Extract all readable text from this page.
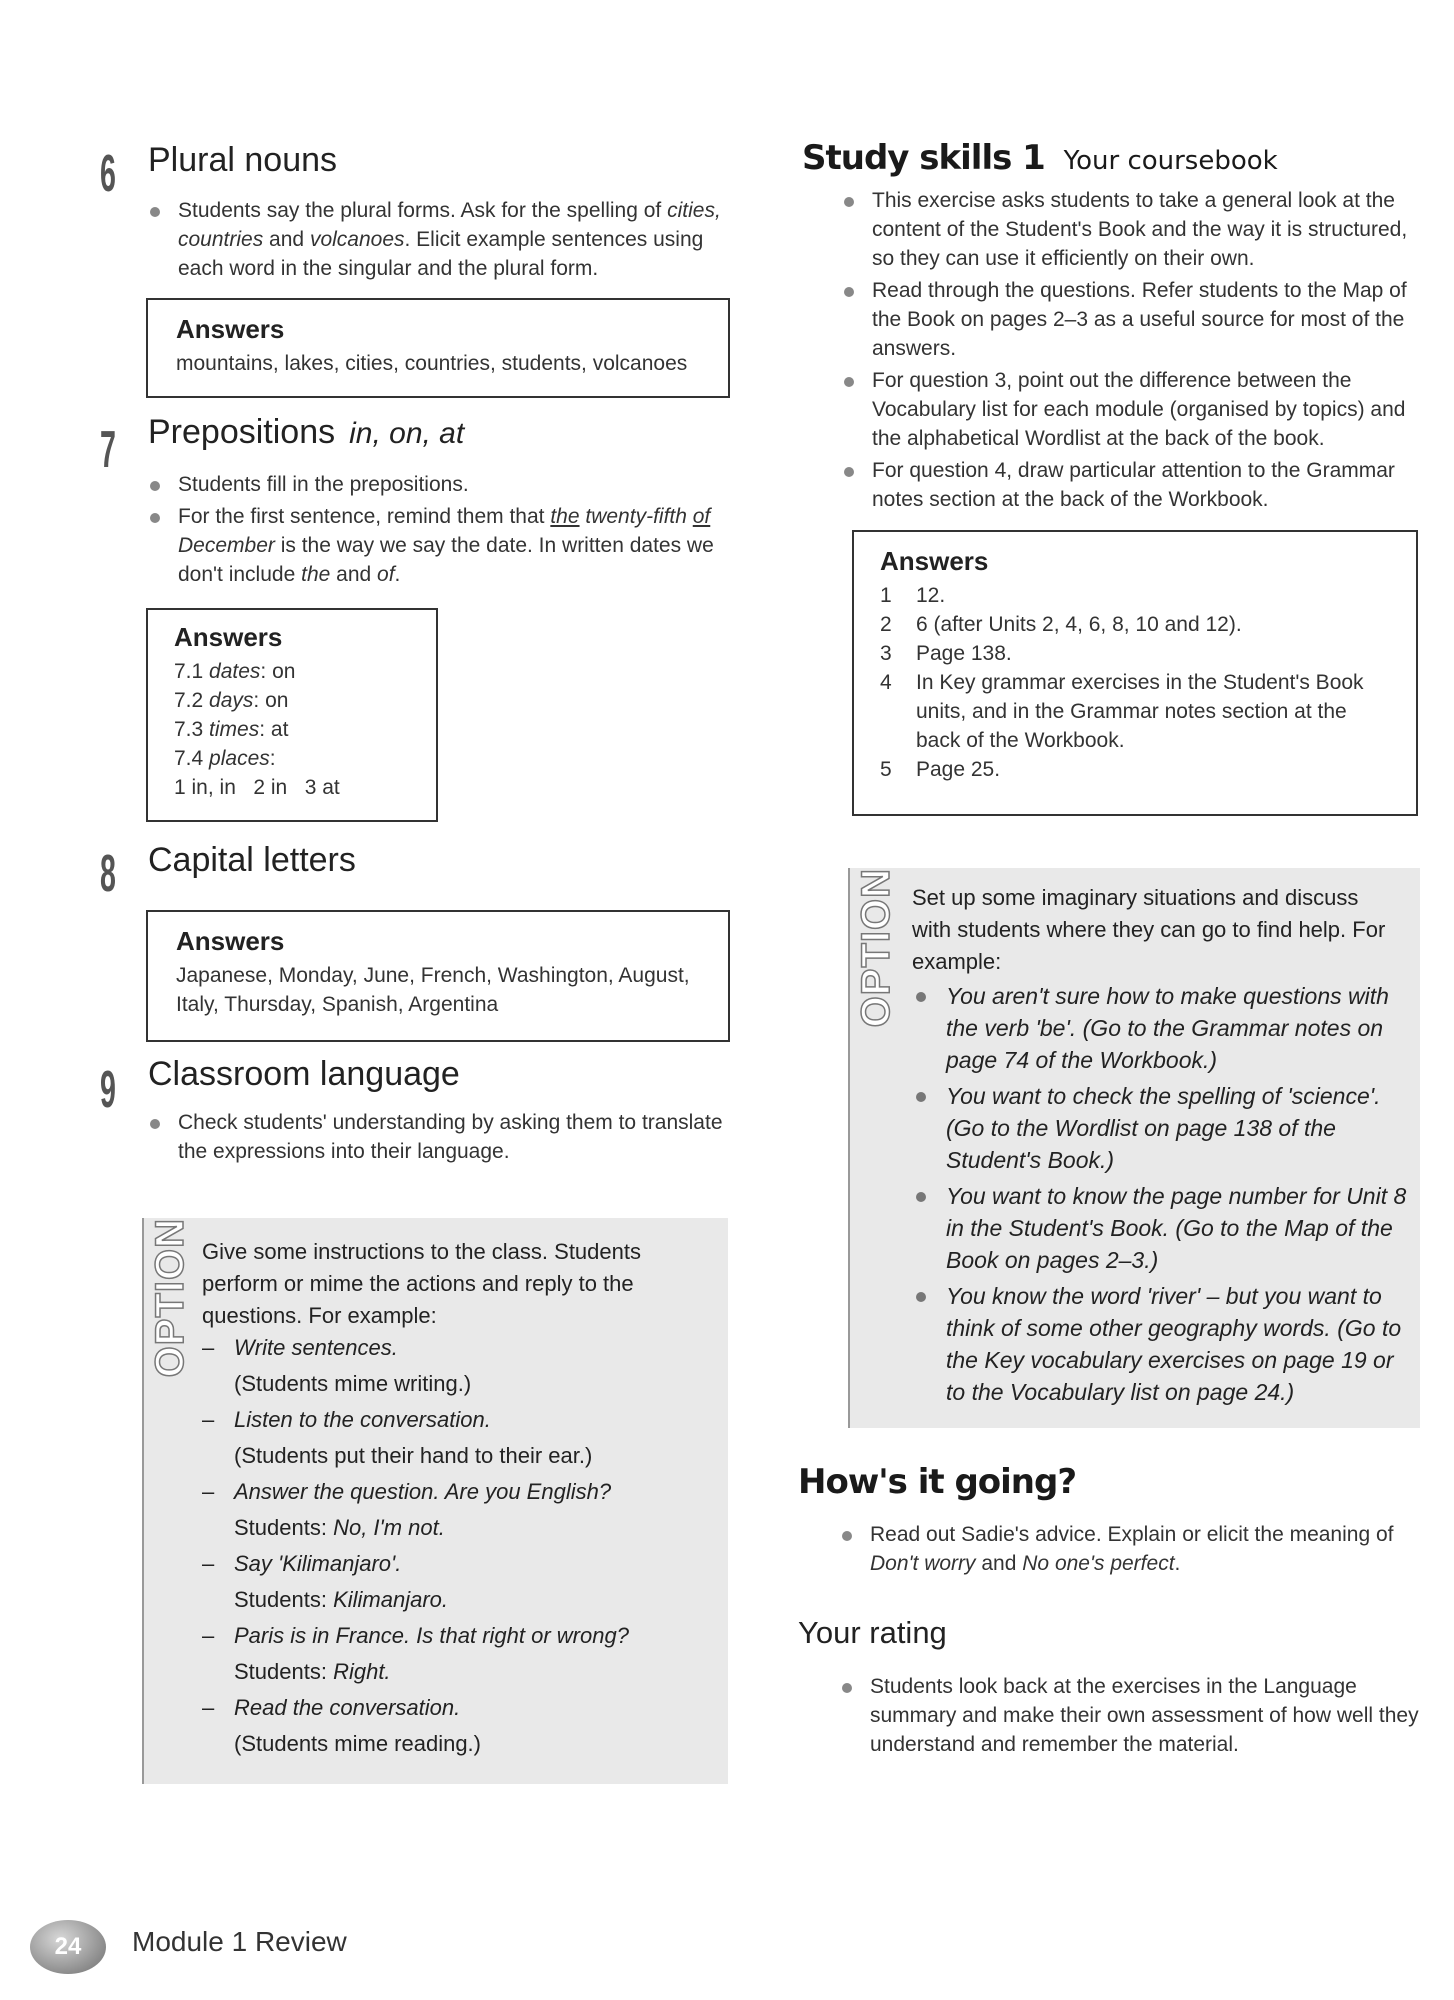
6 Plural nouns
Students say the plural forms. Ask for the spelling of cities, countries and volcanoes. Elicit example sentences using each word in the singular and the plural form.
Answers
mountains, lakes, cities, countries, students, volcanoes
7 Prepositions in, on, at
Students fill in the prepositions.
For the first sentence, remind them that the twenty-fifth of December is the way we say the date. In written dates we don't include the and of.
Answers
7.1 dates: on
7.2 days: on
7.3 times: at
7.4 places:
1 in, in   2 in   3 at
8 Capital letters
Answers
Japanese, Monday, June, French, Washington, August, Italy, Thursday, Spanish, Argentina
9 Classroom language
Check students' understanding by asking them to translate the expressions into their language.
OPTION Give some instructions to the class. Students perform or mime the actions and reply to the questions. For example:
– Write sentences.
(Students mime writing.)
– Listen to the conversation.
(Students put their hand to their ear.)
– Answer the question. Are you English?
Students: No, I'm not.
– Say 'Kilimanjaro'.
Students: Kilimanjaro.
– Paris is in France. Is that right or wrong?
Students: Right.
– Read the conversation.
(Students mime reading.)
Study skills 1 Your coursebook
This exercise asks students to take a general look at the content of the Student's Book and the way it is structured, so they can use it efficiently on their own.
Read through the questions. Refer students to the Map of the Book on pages 2–3 as a useful source for most of the answers.
For question 3, point out the difference between the Vocabulary list for each module (organised by topics) and the alphabetical Wordlist at the back of the book.
For question 4, draw particular attention to the Grammar notes section at the back of the Workbook.
Answers
1	12.
2	6 (after Units 2, 4, 6, 8, 10 and 12).
3	Page 138.
4	In Key grammar exercises in the Student's Book units, and in the Grammar notes section at the back of the Workbook.
5	Page 25.
OPTION Set up some imaginary situations and discuss with students where they can go to find help. For example:
You aren't sure how to make questions with the verb 'be'. (Go to the Grammar notes on page 74 of the Workbook.)
You want to check the spelling of 'science'. (Go to the Wordlist on page 138 of the Student's Book.)
You want to know the page number for Unit 8 in the Student's Book. (Go to the Map of the Book on pages 2–3.)
You know the word 'river' – but you want to think of some other geography words. (Go to the Key vocabulary exercises on page 19 or to the Vocabulary list on page 24.)
How's it going?
Read out Sadie's advice. Explain or elicit the meaning of Don't worry and No one's perfect.
Your rating
Students look back at the exercises in the Language summary and make their own assessment of how well they understand and remember the material.
24	Module 1 Review
